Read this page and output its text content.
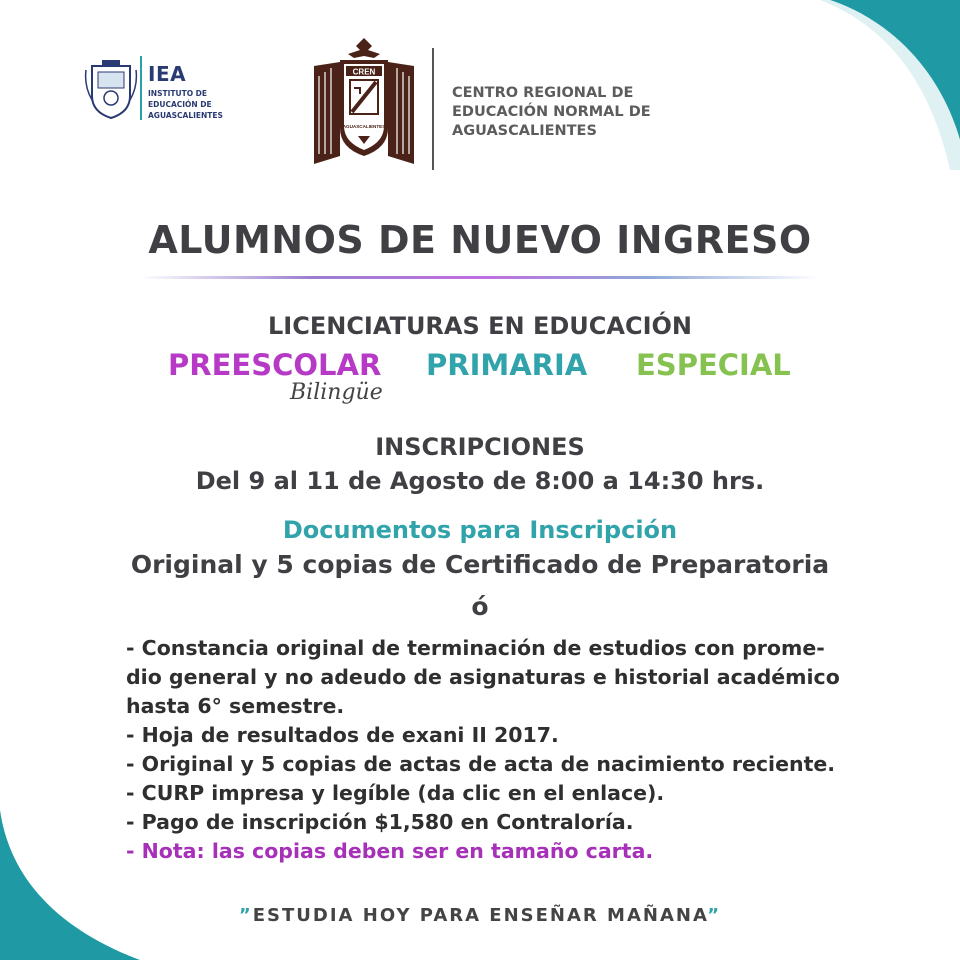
IEA
INSTITUTO DE EDUCACIÓN DE AGUASCALIENTES
CREN
AGUASCALIENTES
CENTRO REGIONAL DE EDUCACIÓN NORMAL DE AGUASCALIENTES
ALUMNOS DE NUEVO INGRESO
LICENCIATURAS EN EDUCACIÓN
PREESCOLAR
Bilingüe
PRIMARIA ESPECIAL
INSCRIPCIONES
Del 9 al 11 de Agosto de 8:00 a 14:30 hrs.
Documentos para Inscripción
Original y 5 copias de Certificado de Preparatoria
ó
- Constancia original de terminación de estudios con prome-
dio general y no adeudo de asignaturas e historial académico
hasta 6° semestre.
- Hoja de resultados de exani II 2017.
- Original y 5 copias de actas de acta de nacimiento reciente.
- CURP impresa y legíble (da clic en el enlace).
- Pago de inscripción $1,580 en Contraloría.
- Nota: las copias deben ser en tamaño carta.
”ESTUDIA HOY PARA ENSEÑAR MAÑANA”
